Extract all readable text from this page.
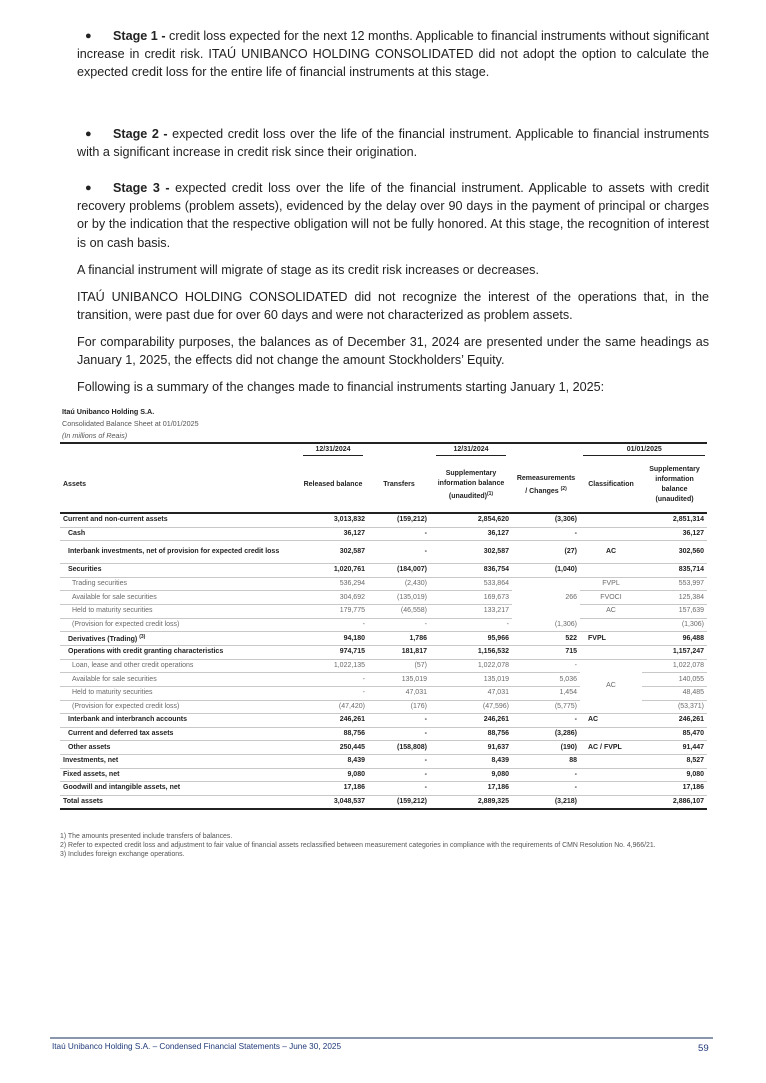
● Stage 1 - credit loss expected for the next 12 months. Applicable to financial instruments without significant increase in credit risk. ITAÚ UNIBANCO HOLDING CONSOLIDATED did not adopt the option to calculate the expected credit loss for the entire life of financial instruments at this stage.

● Stage 2 - expected credit loss over the life of the financial instrument. Applicable to financial instruments with a significant increase in credit risk since their origination.

● Stage 3 - expected credit loss over the life of the financial instrument. Applicable to assets with credit recovery problems (problem assets), evidenced by the delay over 90 days in the payment of principal or charges or by the indication that the respective obligation will not be fully honored. At this stage, the recognition of interest is on cash basis.

A financial instrument will migrate of stage as its credit risk increases or decreases.

ITAÚ UNIBANCO HOLDING CONSOLIDATED did not recognize the interest of the operations that, in the transition, were past due for over 60 days and were not characterized as problem assets.

For comparability purposes, the balances as of December 31, 2024 are presented under the same headings as January 1, 2025, the effects did not change the amount Stockholders’ Equity.

Following is a summary of the changes made to financial instruments starting January 1, 2025:

Itaú Unibanco Holding S.A.
Consolidated Balance Sheet at 01/01/2025
(In millions of Reais)
	12/31/2024		12/31/2024		01/01/2025	
Assets	Released balance	Transfers	Supplementary information balance (unaudited)$^{(1)}$	Remeasurements / Changes $^{(2)}$	Classification	Supplementary information balance (unaudited)
Current and non-current assets	3,013,832	(159,212)	2,854,620	(3,306)		2,851,314
Cash	36,127	-	36,127	-		36,127
Interbank investments, net of provision for expected credit loss	302,587	-	302,587	(27)	AC	302,560
Securities	1,020,761	(184,007)	836,754	(1,040)		835,714
Trading securities	536,294	(2,430)	533,864	266	FVPL	553,997
Available for sale securities	304,692	(135,019)	169,673		FVOCI	125,384
Held to maturity securities	179,775	(46,558)	133,217		AC	157,639
(Provision for expected credit loss)	-	-	-	(1,306)		(1,306)
Derivatives (Trading) $^{(3)}$	94,180	1,786	95,966	522	FVPL	96,488
Operations with credit granting characteristics	974,715	181,817	1,156,532	715		1,157,247
Loan, lease and other credit operations	1,022,135	(57)	1,022,078	-	AC	1,022,078
Available for sale securities	-	135,019	135,019	5,036		140,055
Held to maturity securities	-	47,031	47,031	1,454		48,485
(Provision for expected credit loss)	(47,420)	(176)	(47,596)	(5,775)		(53,371)
Interbank and interbranch accounts	246,261	-	246,261	-	AC	246,261
Current and deferred tax assets	88,756	-	88,756	(3,286)		85,470
Other assets	250,445	(158,808)	91,637	(190)	AC / FVPL	91,447
Investments, net	8,439	-	8,439	88		8,527
Fixed assets, net	9,080	-	9,080	-		9,080
Goodwill and intangible assets, net	17,186	-	17,186	-		17,186
Total assets	3,048,537	(159,212)	2,889,325	(3,218)		2,886,107
1) The amounts presented include transfers of balances.
2) Refer to expected credit loss and adjustment to fair value of financial assets reclassified between measurement categories in compliance with the requirements of CMN Resolution No. 4,966/21.
3) Includes foreign exchange operations.
Itaú Unibanco Holding S.A. – Condensed Financial Statements – June 30, 2025	59
